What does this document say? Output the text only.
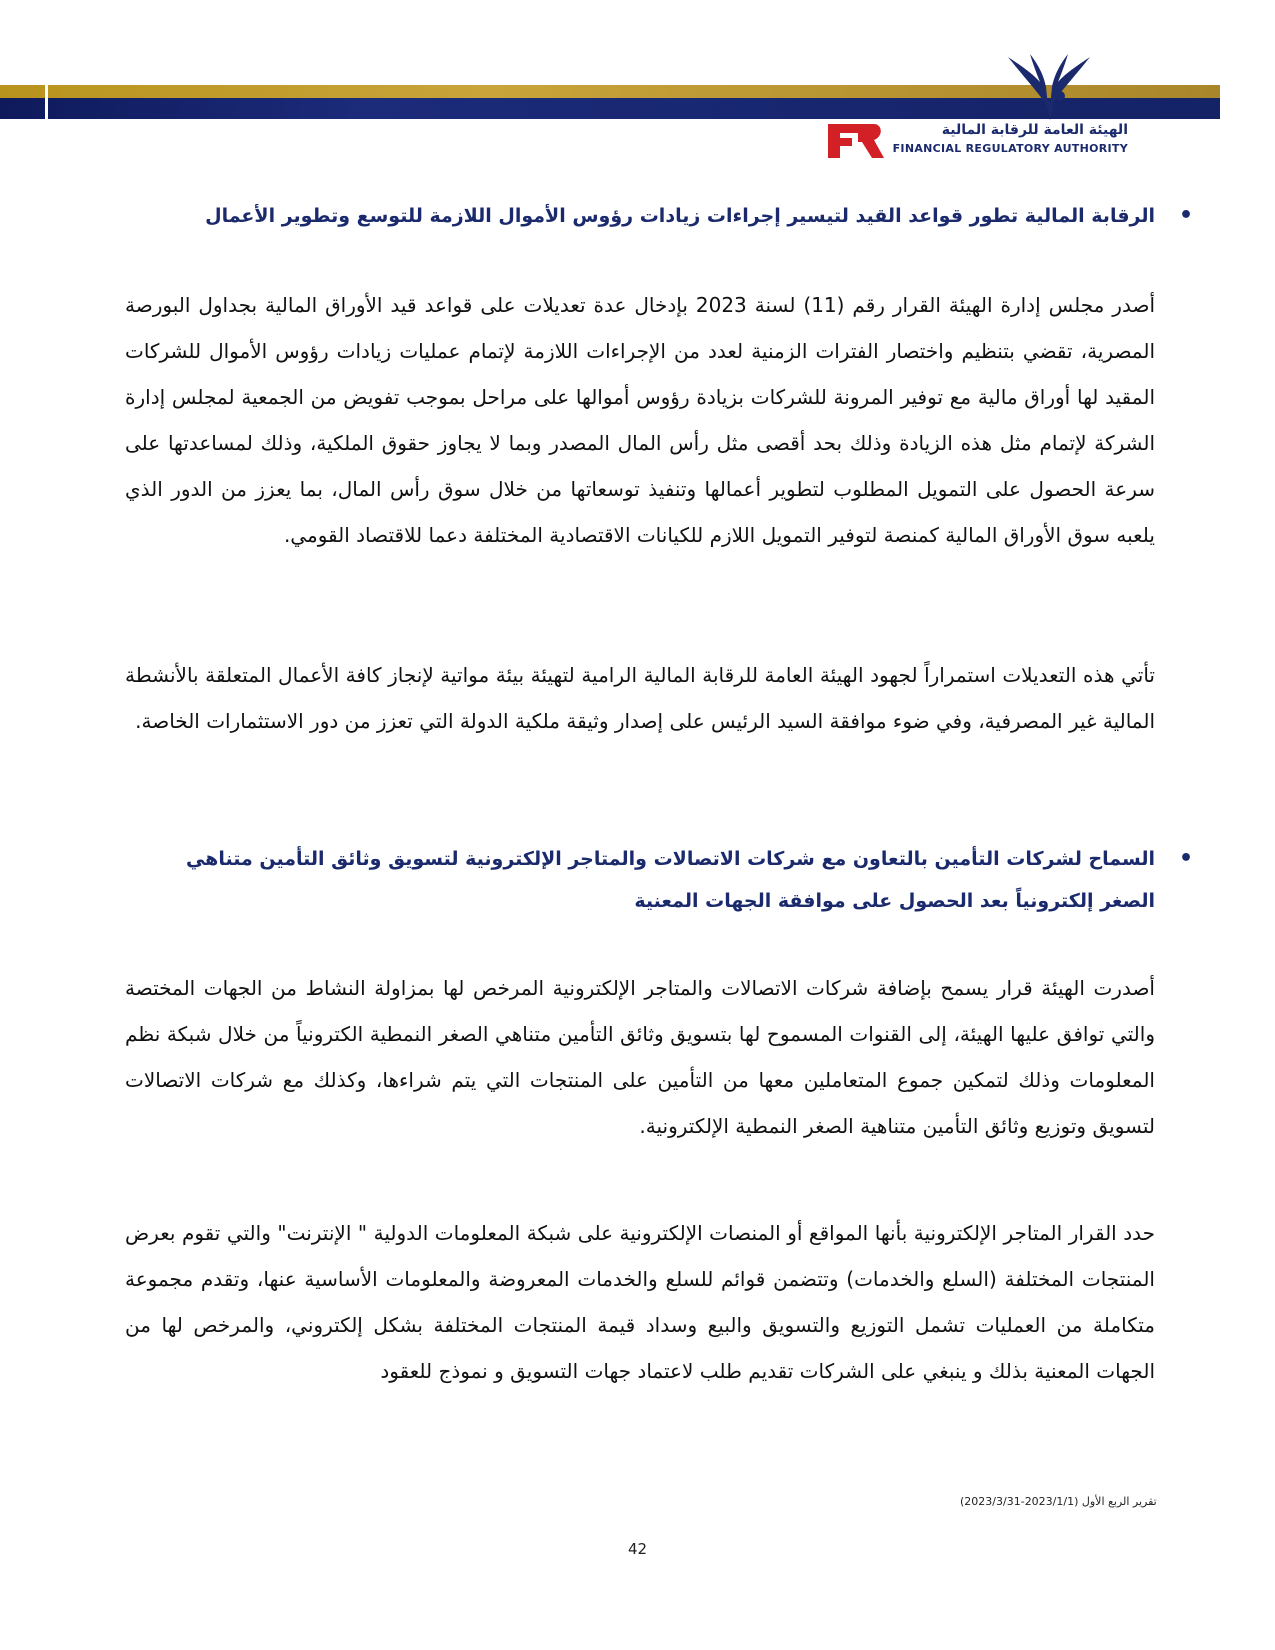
الهيئة العامة للرقابة المالية
FINANCIAL REGULATORY AUTHORITY
•
الرقابة المالية تطور قواعد القيد لتيسير إجراءات زيادات رؤوس الأموال اللازمة للتوسع وتطوير الأعمال

أصدر مجلس إدارة الهيئة القرار رقم (11) لسنة 2023 بإدخال عدة تعديلات على قواعد قيد الأوراق المالية بجداول البورصة المصرية، تقضي بتنظيم واختصار الفترات الزمنية لعدد من الإجراءات اللازمة لإتمام عمليات زيادات رؤوس الأموال للشركات المقيد لها أوراق مالية مع توفير المرونة للشركات بزيادة رؤوس أموالها على مراحل بموجب تفويض من الجمعية لمجلس إدارة الشركة لإتمام مثل هذه الزيادة وذلك بحد أقصى مثل رأس المال المصدر وبما لا يجاوز حقوق الملكية، وذلك لمساعدتها على سرعة الحصول على التمويل المطلوب لتطوير أعمالها وتنفيذ توسعاتها من خلال سوق رأس المال، بما يعزز من الدور الذي يلعبه سوق الأوراق المالية كمنصة لتوفير التمويل اللازم للكيانات الاقتصادية المختلفة دعما للاقتصاد القومي.

تأتي هذه التعديلات استمراراً لجهود الهيئة العامة للرقابة المالية الرامية لتهيئة بيئة مواتية لإنجاز كافة الأعمال المتعلقة بالأنشطة المالية غير المصرفية، وفي ضوء موافقة السيد الرئيس على إصدار وثيقة ملكية الدولة التي تعزز من دور الاستثمارات الخاصة.

•
السماح لشركات التأمين بالتعاون مع شركات الاتصالات والمتاجر الإلكترونية لتسويق وثائق التأمين متناهي الصغر إلكترونياً بعد الحصول على موافقة الجهات المعنية

أصدرت الهيئة قرار يسمح بإضافة شركات الاتصالات والمتاجر الإلكترونية المرخص لها بمزاولة النشاط من الجهات المختصة والتي توافق عليها الهيئة، إلى القنوات المسموح لها بتسويق وثائق التأمين متناهي الصغر النمطية الكترونياً من خلال شبكة نظم المعلومات وذلك لتمكين جموع المتعاملين معها من التأمين على المنتجات التي يتم شراءها، وكذلك مع شركات الاتصالات لتسويق وتوزيع وثائق التأمين متناهية الصغر النمطية الإلكترونية.

حدد القرار المتاجر الإلكترونية بأنها المواقع أو المنصات الإلكترونية على شبكة المعلومات الدولية " الإنترنت" والتي تقوم بعرض المنتجات المختلفة (السلع والخدمات) وتتضمن قوائم للسلع والخدمات المعروضة والمعلومات الأساسية عنها، وتقدم مجموعة متكاملة من العمليات تشمل التوزيع والتسويق والبيع وسداد قيمة المنتجات المختلفة بشكل إلكتروني، والمرخص لها من الجهات المعنية بذلك و ينبغي على الشركات تقديم طلب لاعتماد جهات التسويق و نموذج للعقود

تقرير الربع الأول (2023/1/1-2023/3/31)
42
